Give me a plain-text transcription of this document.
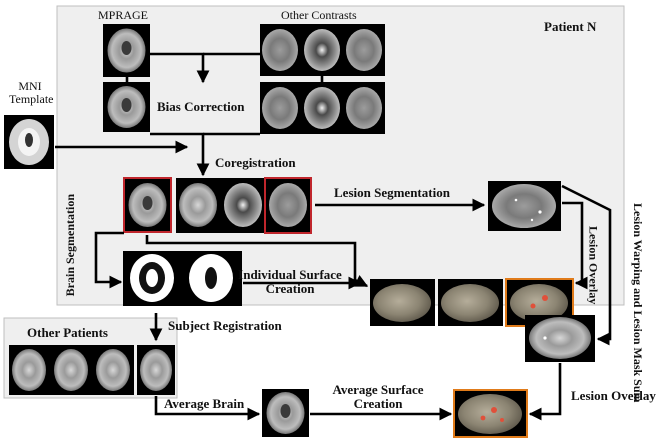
Patient N
MPRAGE	Other Contrasts
MNI
Template
Bias Correction
Coregistration
Lesion Segmentation
Lesion Overlay	Lesion Warping and Lesion Mask Sum
Brain Segmentation	Individual Surface
Creation
Other Patients	Subject Registration
Average Brain
Average Surface
Creation
Lesion Overlay
